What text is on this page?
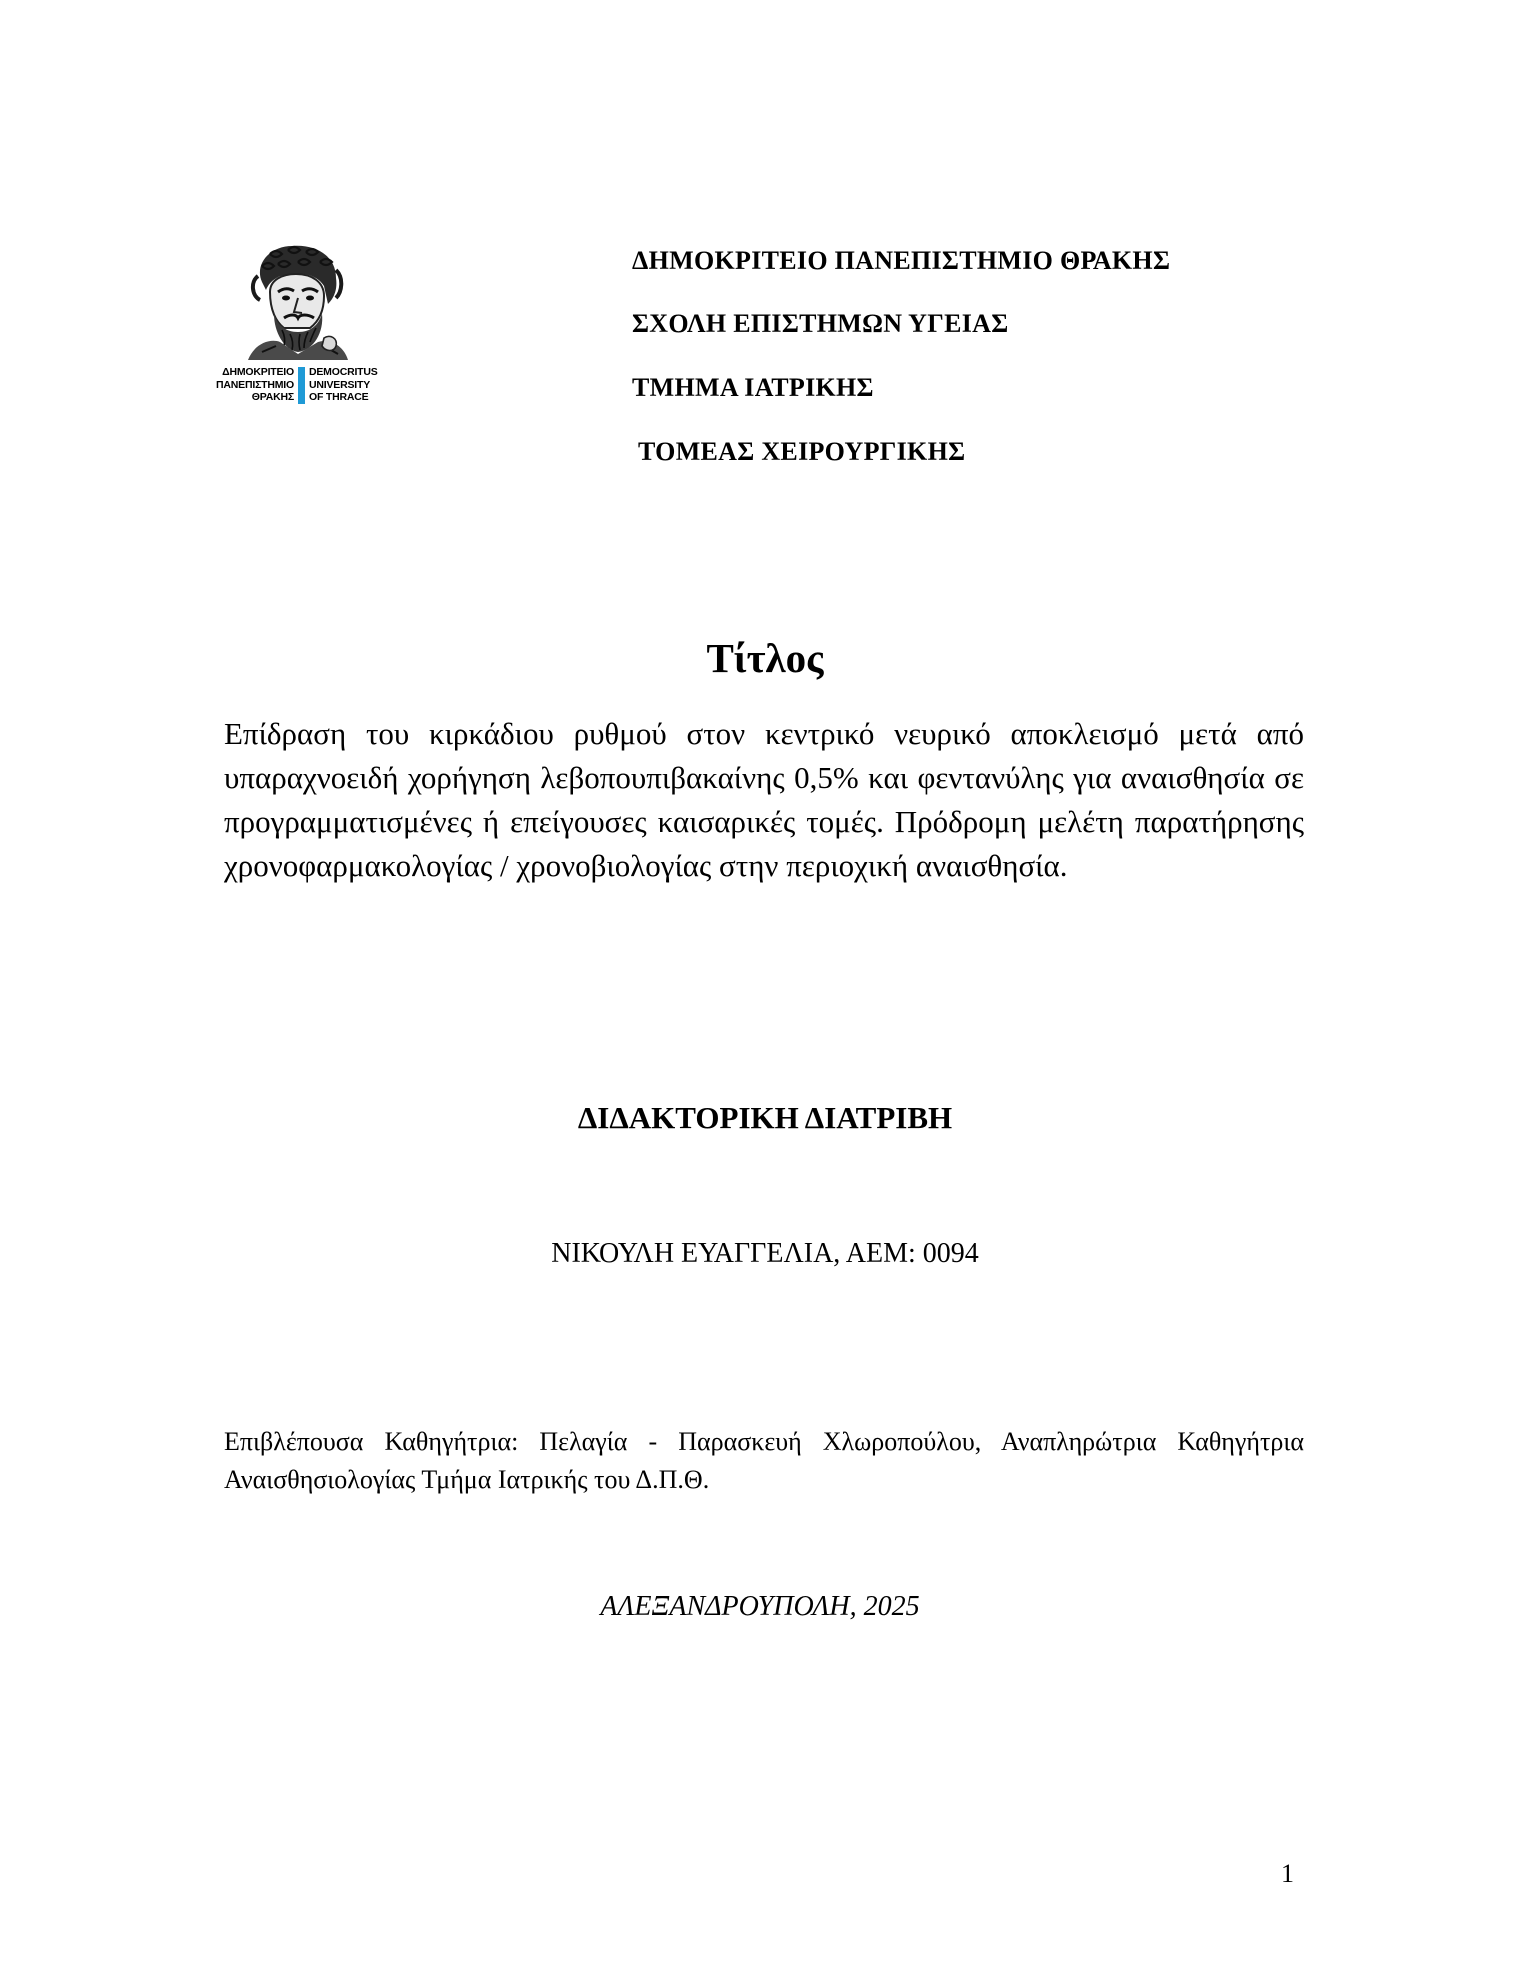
ΔΗΜΟΚΡΙΤΕΙΟ
ΠΑΝΕΠΙΣΤΗΜΙΟ
ΘΡΑΚΗΣ
DEMOCRITUS
UNIVERSITY
OF THRACE
ΔΗΜΟΚΡΙΤΕΙΟ ΠΑΝΕΠΙΣΤΗΜΙΟ ΘΡΑΚΗΣ
ΣΧΟΛΗ ΕΠΙΣΤΗΜΩΝ ΥΓΕΙΑΣ
ΤΜΗΜΑ ΙΑΤΡΙΚΗΣ
ΤΟΜΕΑΣ ΧΕΙΡΟΥΡΓΙΚΗΣ
Τίτλος
Επίδραση του κιρκάδιου ρυθμού στον κεντρικό νευρικό αποκλεισμό μετά από υπαραχνοειδή χορήγηση λεβοπουπιβακαίνης 0,5% και φεντανύλης για αναισθησία σε προγραμματισμένες ή επείγουσες καισαρικές τομές. Πρόδρομη μελέτη παρατήρησης χρονοφαρμακολογίας / χρονοβιολογίας στην περιοχική αναισθησία.
ΔΙΔΑΚΤΟΡΙΚΗ ΔΙΑΤΡΙΒΗ
ΝΙΚΟΥΛΗ ΕΥΑΓΓΕΛΙΑ, ΑΕΜ: 0094
Επιβλέπουσα Καθηγήτρια: Πελαγία - Παρασκευή Χλωροπούλου, Αναπληρώτρια Καθηγήτρια Αναισθησιολογίας Τμήμα Ιατρικής του Δ.Π.Θ.
ΑΛΕΞΑΝΔΡΟΥΠΟΛΗ, 2025
1
